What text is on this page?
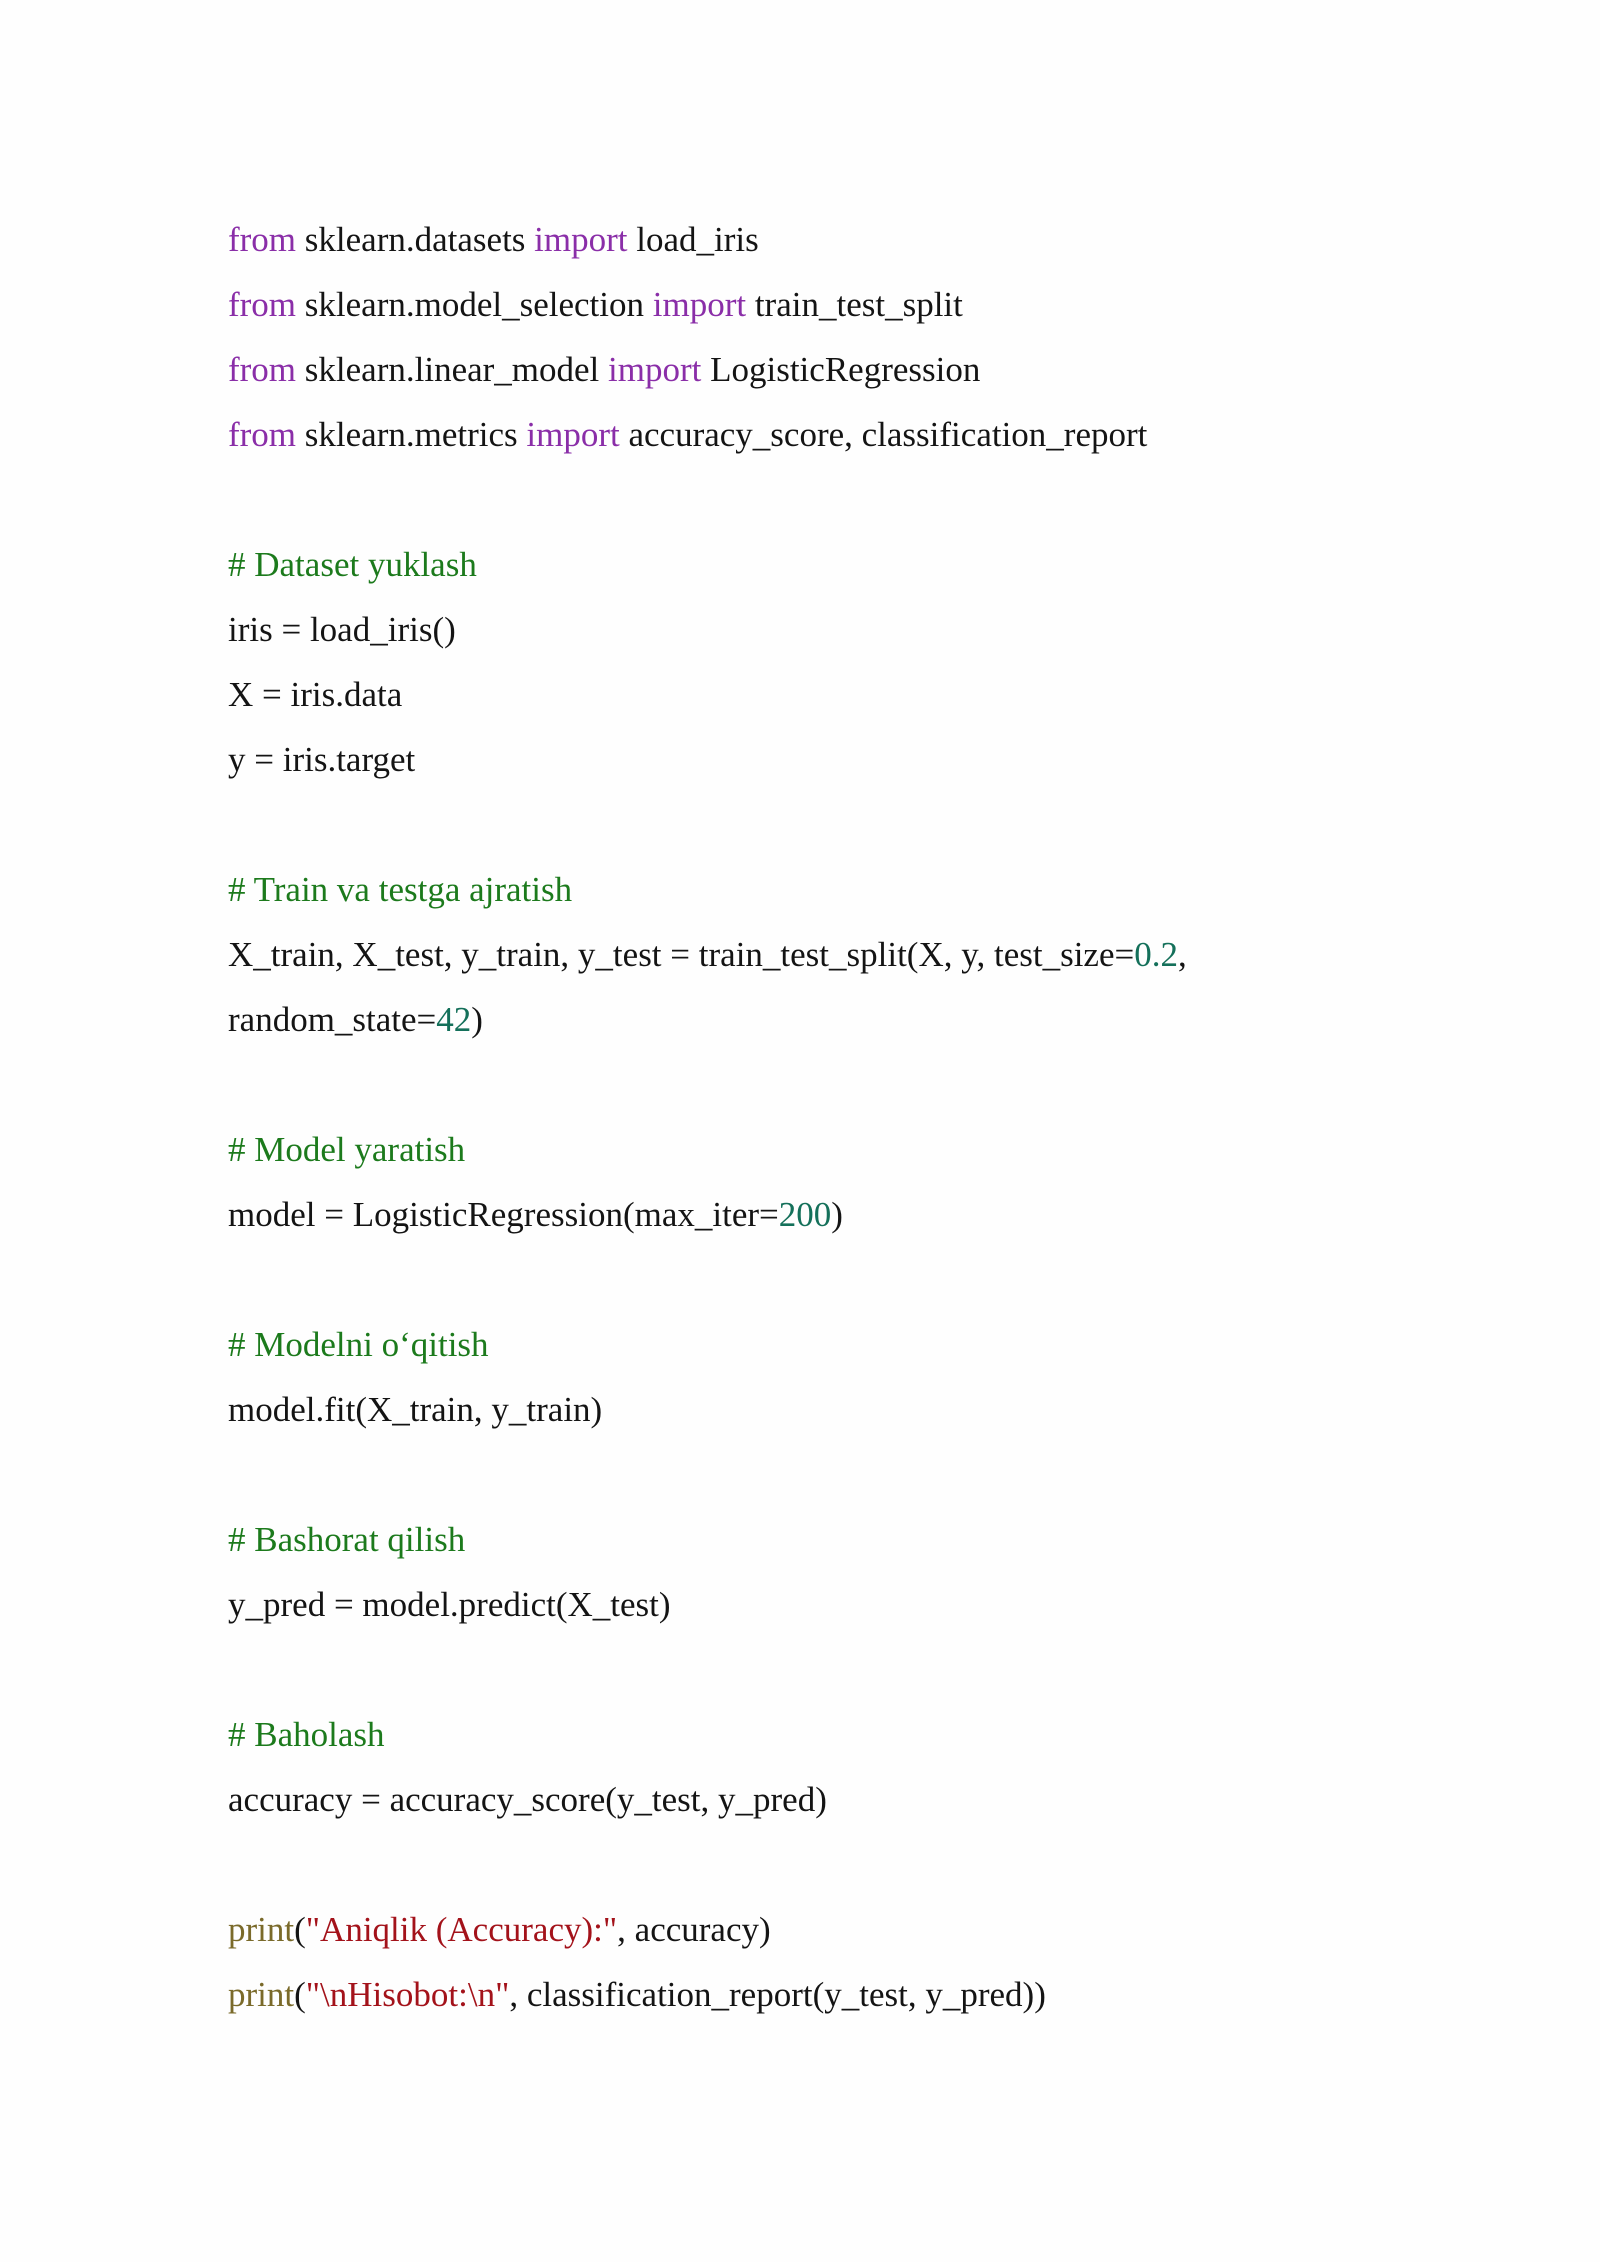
from sklearn.datasets import load_iris
from sklearn.model_selection import train_test_split
from sklearn.linear_model import LogisticRegression
from sklearn.metrics import accuracy_score, classification_report
# Dataset yuklash
iris = load_iris()
X = iris.data
y = iris.target
# Train va testga ajratish
X_train, X_test, y_train, y_test = train_test_split(X, y, test_size=0.2,
random_state=42)
# Model yaratish
model = LogisticRegression(max_iter=200)
# Modelni o‘qitish
model.fit(X_train, y_train)
# Bashorat qilish
y_pred = model.predict(X_test)
# Baholash
accuracy = accuracy_score(y_test, y_pred)
print("Aniqlik (Accuracy):", accuracy)
print("\nHisobot:\n", classification_report(y_test, y_pred))
